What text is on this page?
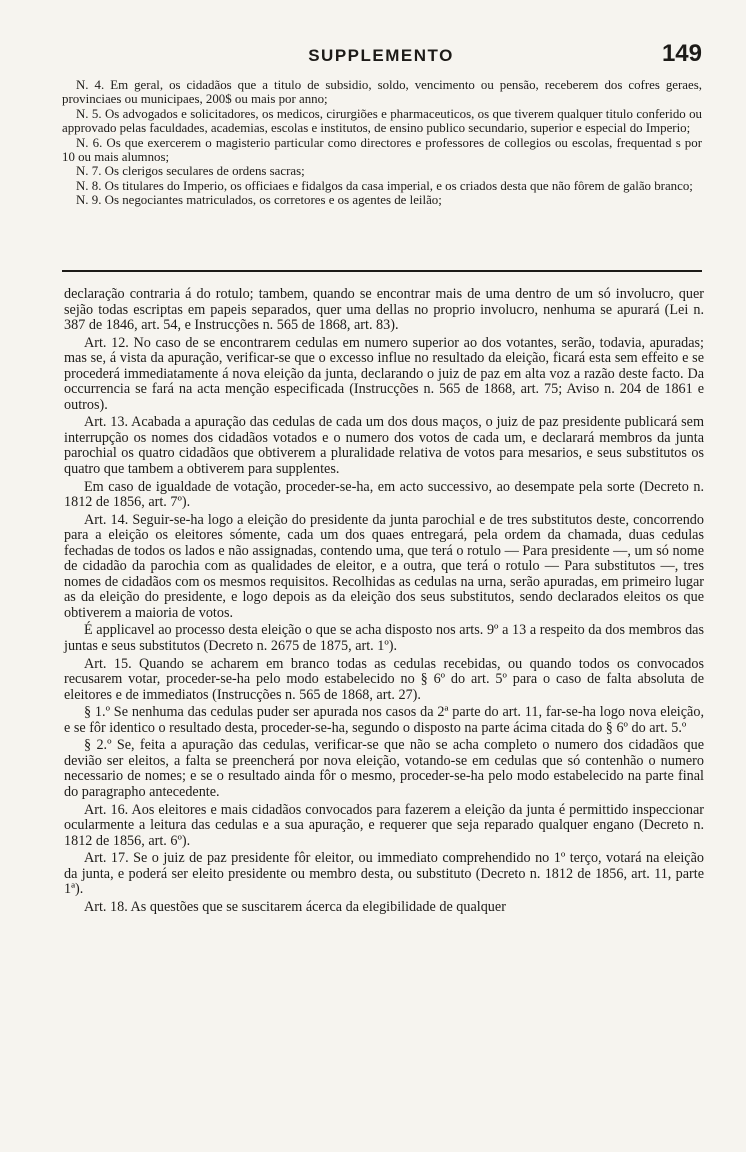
SUPPLEMENTO	149

N. 4. Em geral, os cidadãos que a titulo de subsidio, soldo, vencimento ou pensão, receberem dos cofres geraes, provinciaes ou municipaes, 200$ ou mais por anno;

N. 5. Os advogados e solicitadores, os medicos, cirurgiões e pharmaceuticos, os que tiverem qualquer titulo conferido ou approvado pelas faculdades, academias, escolas e institutos, de ensino publico secundario, superior e especial do Imperio;

N. 6. Os que exercerem o magisterio particular como directores e professores de collegios ou escolas, frequentad s por 10 ou mais alumnos;

N. 7. Os clerigos seculares de ordens sacras;

N. 8. Os titulares do Imperio, os officiaes e fidalgos da casa imperial, e os criados desta que não fôrem de galão branco;

N. 9. Os negociantes matriculados, os corretores e os agentes de leilão;

declaração contraria á do rotulo; tambem, quando se encontrar mais de uma dentro de um só involucro, quer sejão todas escriptas em papeis separados, quer uma dellas no proprio involucro, nenhuma se apurará (Lei n. 387 de 1846, art. 54, e Instrucções n. 565 de 1868, art. 83).

Art. 12. No caso de se encontrarem cedulas em numero superior ao dos votantes, serão, todavia, apuradas; mas se, á vista da apuração, verificar-se que o excesso influe no resultado da eleição, ficará esta sem effeito e se procederá immediatamente á nova eleição da junta, declarando o juiz de paz em alta voz a razão deste facto. Da occurrencia se fará na acta menção especificada (Instrucções n. 565 de 1868, art. 75; Aviso n. 204 de 1861 e outros).

Art. 13. Acabada a apuração das cedulas de cada um dos dous maços, o juiz de paz presidente publicará sem interrupção os nomes dos cidadãos votados e o numero dos votos de cada um, e declarará membros da junta parochial os quatro cidadãos que obtiverem a pluralidade relativa de votos para mesarios, e seus substitutos os quatro que tambem a obtiverem para supplentes.

Em caso de igualdade de votação, proceder-se-ha, em acto successivo, ao desempate pela sorte (Decreto n. 1812 de 1856, art. 7º).

Art. 14. Seguir-se-ha logo a eleição do presidente da junta parochial e de tres substitutos deste, concorrendo para a eleição os eleitores sómente, cada um dos quaes entregará, pela ordem da chamada, duas cedulas fechadas de todos os lados e não assignadas, contendo uma, que terá o rotulo — Para presidente —, um só nome de cidadão da parochia com as qualidades de eleitor, e a outra, que terá o rotulo — Para substitutos —, tres nomes de cidadãos com os mesmos requisitos. Recolhidas as cedulas na urna, serão apuradas, em primeiro lugar as da eleição do presidente, e logo depois as da eleição dos seus substitutos, sendo declarados eleitos os que obtiverem a maioria de votos.

É applicavel ao processo desta eleição o que se acha disposto nos arts. 9º a 13 a respeito da dos membros das juntas e seus substitutos (Decreto n. 2675 de 1875, art. 1º).

Art. 15. Quando se acharem em branco todas as cedulas recebidas, ou quando todos os convocados recusarem votar, proceder-se-ha pelo modo estabelecido no § 6º do art. 5º para o caso de falta absoluta de eleitores e de immediatos (Instrucções n. 565 de 1868, art. 27).

§ 1.º Se nenhuma das cedulas puder ser apurada nos casos da 2ª parte do art. 11, far-se-ha logo nova eleição, e se fôr identico o resultado desta, proceder-se-ha, segundo o disposto na parte ácima citada do § 6º do art. 5.º

§ 2.º Se, feita a apuração das cedulas, verificar-se que não se acha completo o numero dos cidadãos que devião ser eleitos, a falta se preencherá por nova eleição, votando-se em cedulas que só contenhão o numero necessario de nomes; e se o resultado ainda fôr o mesmo, proceder-se-ha pelo modo estabelecido na parte final do paragrapho antecedente.

Art. 16. Aos eleitores e mais cidadãos convocados para fazerem a eleição da junta é permittido inspeccionar ocularmente a leitura das cedulas e a sua apuração, e requerer que seja reparado qualquer engano (Decreto n. 1812 de 1856, art. 6º).

Art. 17. Se o juiz de paz presidente fôr eleitor, ou immediato comprehendido no 1º terço, votará na eleição da junta, e poderá ser eleito presidente ou membro desta, ou substituto (Decreto n. 1812 de 1856, art. 11, parte 1ª).

Art. 18. As questões que se suscitarem ácerca da elegibilidade de qualquer
